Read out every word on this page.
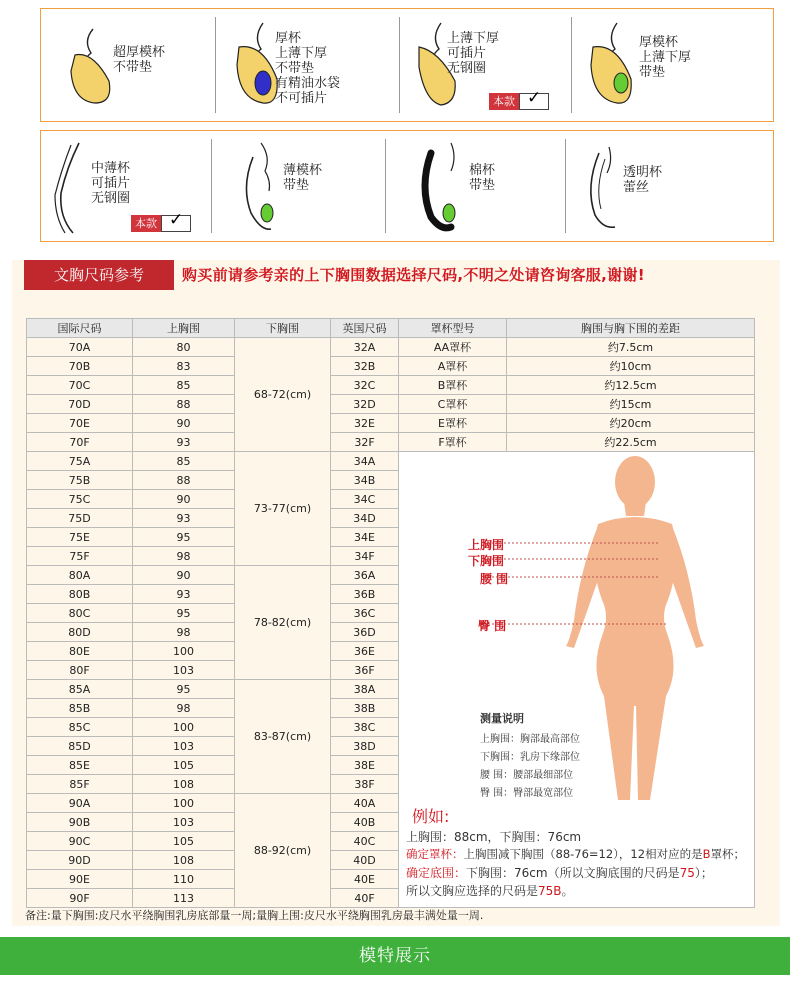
超厚模杯
不带垫
厚杯
上薄下厚
不带垫
有精油水袋
不可插片
上薄下厚
可插片
无钢圈
本款 ✓
厚模杯
上薄下厚
带垫
中薄杯
可插片
无钢圈
本款 ✓
薄模杯
带垫
棉杯
带垫
透明杯
蕾丝
文胸尺码参考	购买前请参考亲的上下胸围数据选择尺码,不明之处请咨询客服,谢谢!
国际尺码	上胸围	下胸围	英国尺码	罩杯型号	胸围与胸下围的差距
70A	80	68-72(cm)	32A	AA罩杯	约7.5cm
70B	83		32B	A罩杯	约10cm
70C	85		32C	B罩杯	约12.5cm
70D	88		32D	C罩杯	约15cm
70E	90		32E	E罩杯	约20cm
70F	93		32F	F罩杯	约22.5cm
75A	85	73-77(cm)	34A		
75B	88		34B		
75C	90		34C		
75D	93		34D		
75E	95		34E		
75F	98		34F		
80A	90	78-82(cm)	36A		
80B	93		36B		
80C	95		36C		
80D	98		36D		
80E	100		36E		
80F	103		36F		
85A	95	83-87(cm)	38A		
85B	98		38B		
85C	100		38C		
85D	103		38D		
85E	105		38E		
85F	108		38F		
90A	100	88-92(cm)	40A		
90B	103		40B		
90C	105		40C		
90D	108		40D		
90E	110		40E		
90F	113		40F		
上胸围
下胸围
腰 围
臀 围
测量说明
上胸围：胸部最高部位
下胸围：乳房下缘部位
腰 围：腰部最细部位
臀 围：臀部最宽部位
例如:
上胸围：88cm，下胸围：76cm
确定罩杯：上胸围减下胸围（88-76=12），12相对应的是B罩杯；
确定底围：下胸围：76cm（所以文胸底围的尺码是75）；
所以文胸应选择的尺码是75B。
备注:量下胸围:皮尺水平绕胸围乳房底部量一周;量胸上围:皮尺水平绕胸围乳房最丰满处量一周.
模特展示
